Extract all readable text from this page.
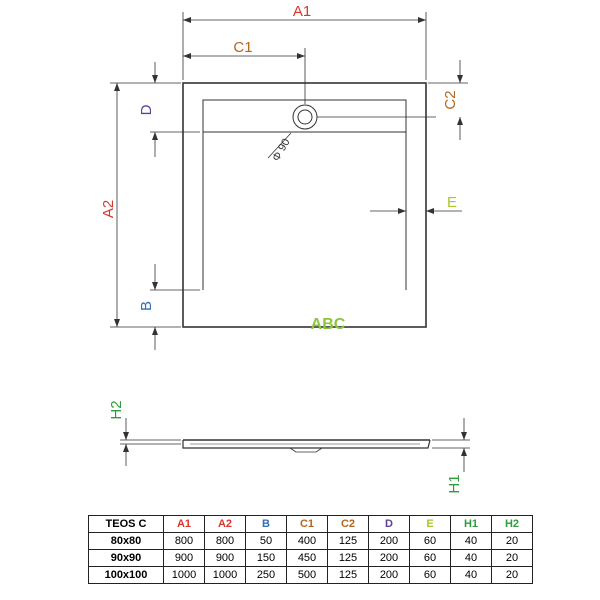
A1
C1
A2
D
B
C2
E
H2
H1
Φ 90
ABC
TEOS C	A1	A2	B	C1	C2	D	E	H1	H2
80x80	800	800	50	400	125	200	60	40	20
90x90	900	900	150	450	125	200	60	40	20
100x100	1000	1000	250	500	125	200	60	40	20
